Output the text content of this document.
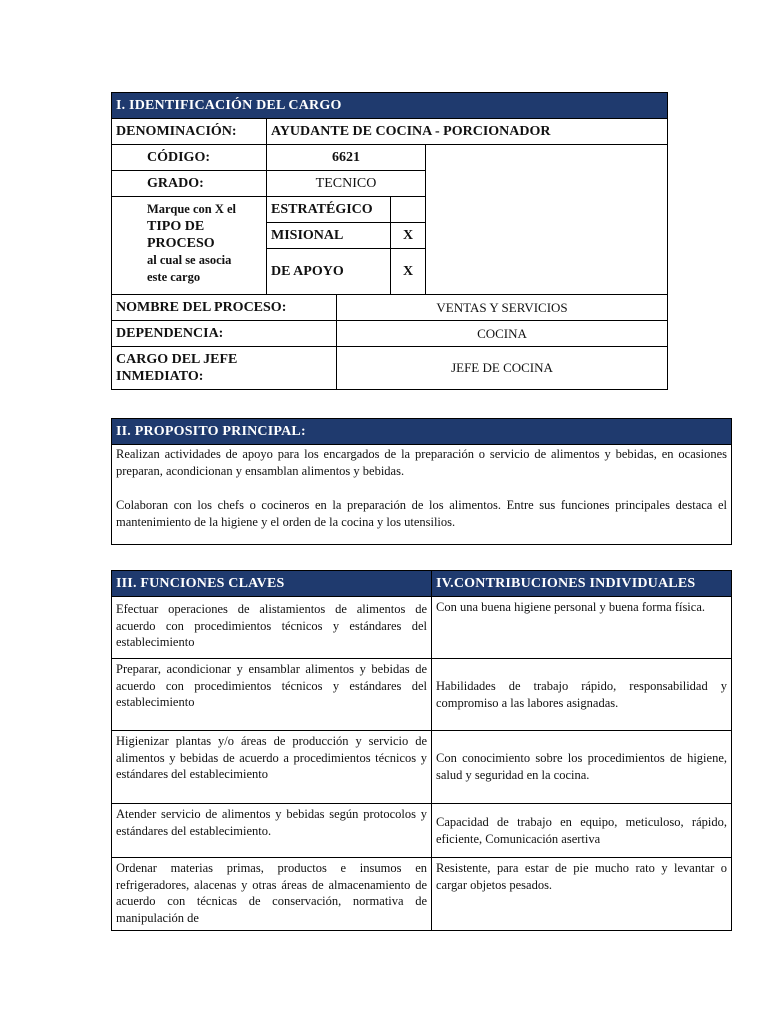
I. IDENTIFICACIÓN DEL CARGO				
DENOMINACIÓN:	AYUDANTE DE COCINA - PORCIONADOR			
CÓDIGO:	6621			
GRADO:	TECNICO			

Marque con X el
TIPO DE
PROCESO
al cual se asocia
este cargo	ESTRATÉGICO			
	MISIONAL		X	
	DE APOYO		X	
NOMBRE DEL PROCESO:		VENTAS Y SERVICIOS		
DEPENDENCIA:		COCINA		

CARGO DEL JEFE
INMEDIATO:		JEFE DE COCINA		
II. PROPOSITO PRINCIPAL:

Realizan actividades de apoyo para los encargados de la preparación o servicio de alimentos y bebidas, en ocasiones preparan, acondicionan y ensamblan alimentos y bebidas.
Colaboran con los chefs o cocineros en la preparación de los alimentos. Entre sus funciones principales destaca el mantenimiento de la higiene y el orden de la cocina y los utensilios.
III. FUNCIONES CLAVES	IV.CONTRIBUCIONES INDIVIDUALES
Efectuar operaciones de alistamientos de alimentos de acuerdo con procedimientos técnicos y estándares del establecimiento	Con una buena higiene personal y buena forma física.
Preparar, acondicionar y ensamblar alimentos y bebidas de acuerdo con procedimientos técnicos y estándares del establecimiento	Habilidades de trabajo rápido, responsabilidad y compromiso a las labores asignadas.
Higienizar plantas y/o áreas de producción y servicio de alimentos y bebidas de acuerdo a procedimientos técnicos y estándares del establecimiento	Con conocimiento sobre los procedimientos de higiene, salud y seguridad en la cocina.
Atender servicio de alimentos y bebidas según protocolos y estándares del establecimiento.	Capacidad de trabajo en equipo, meticuloso, rápido, eficiente, Comunicación asertiva

Ordenar materias primas, productos e insumos en refrigeradores, alacenas y otras áreas de almacenamiento de acuerdo con técnicas de conservación, normativa de manipulación de	Resistente, para estar de pie mucho rato y levantar o cargar objetos pesados.
